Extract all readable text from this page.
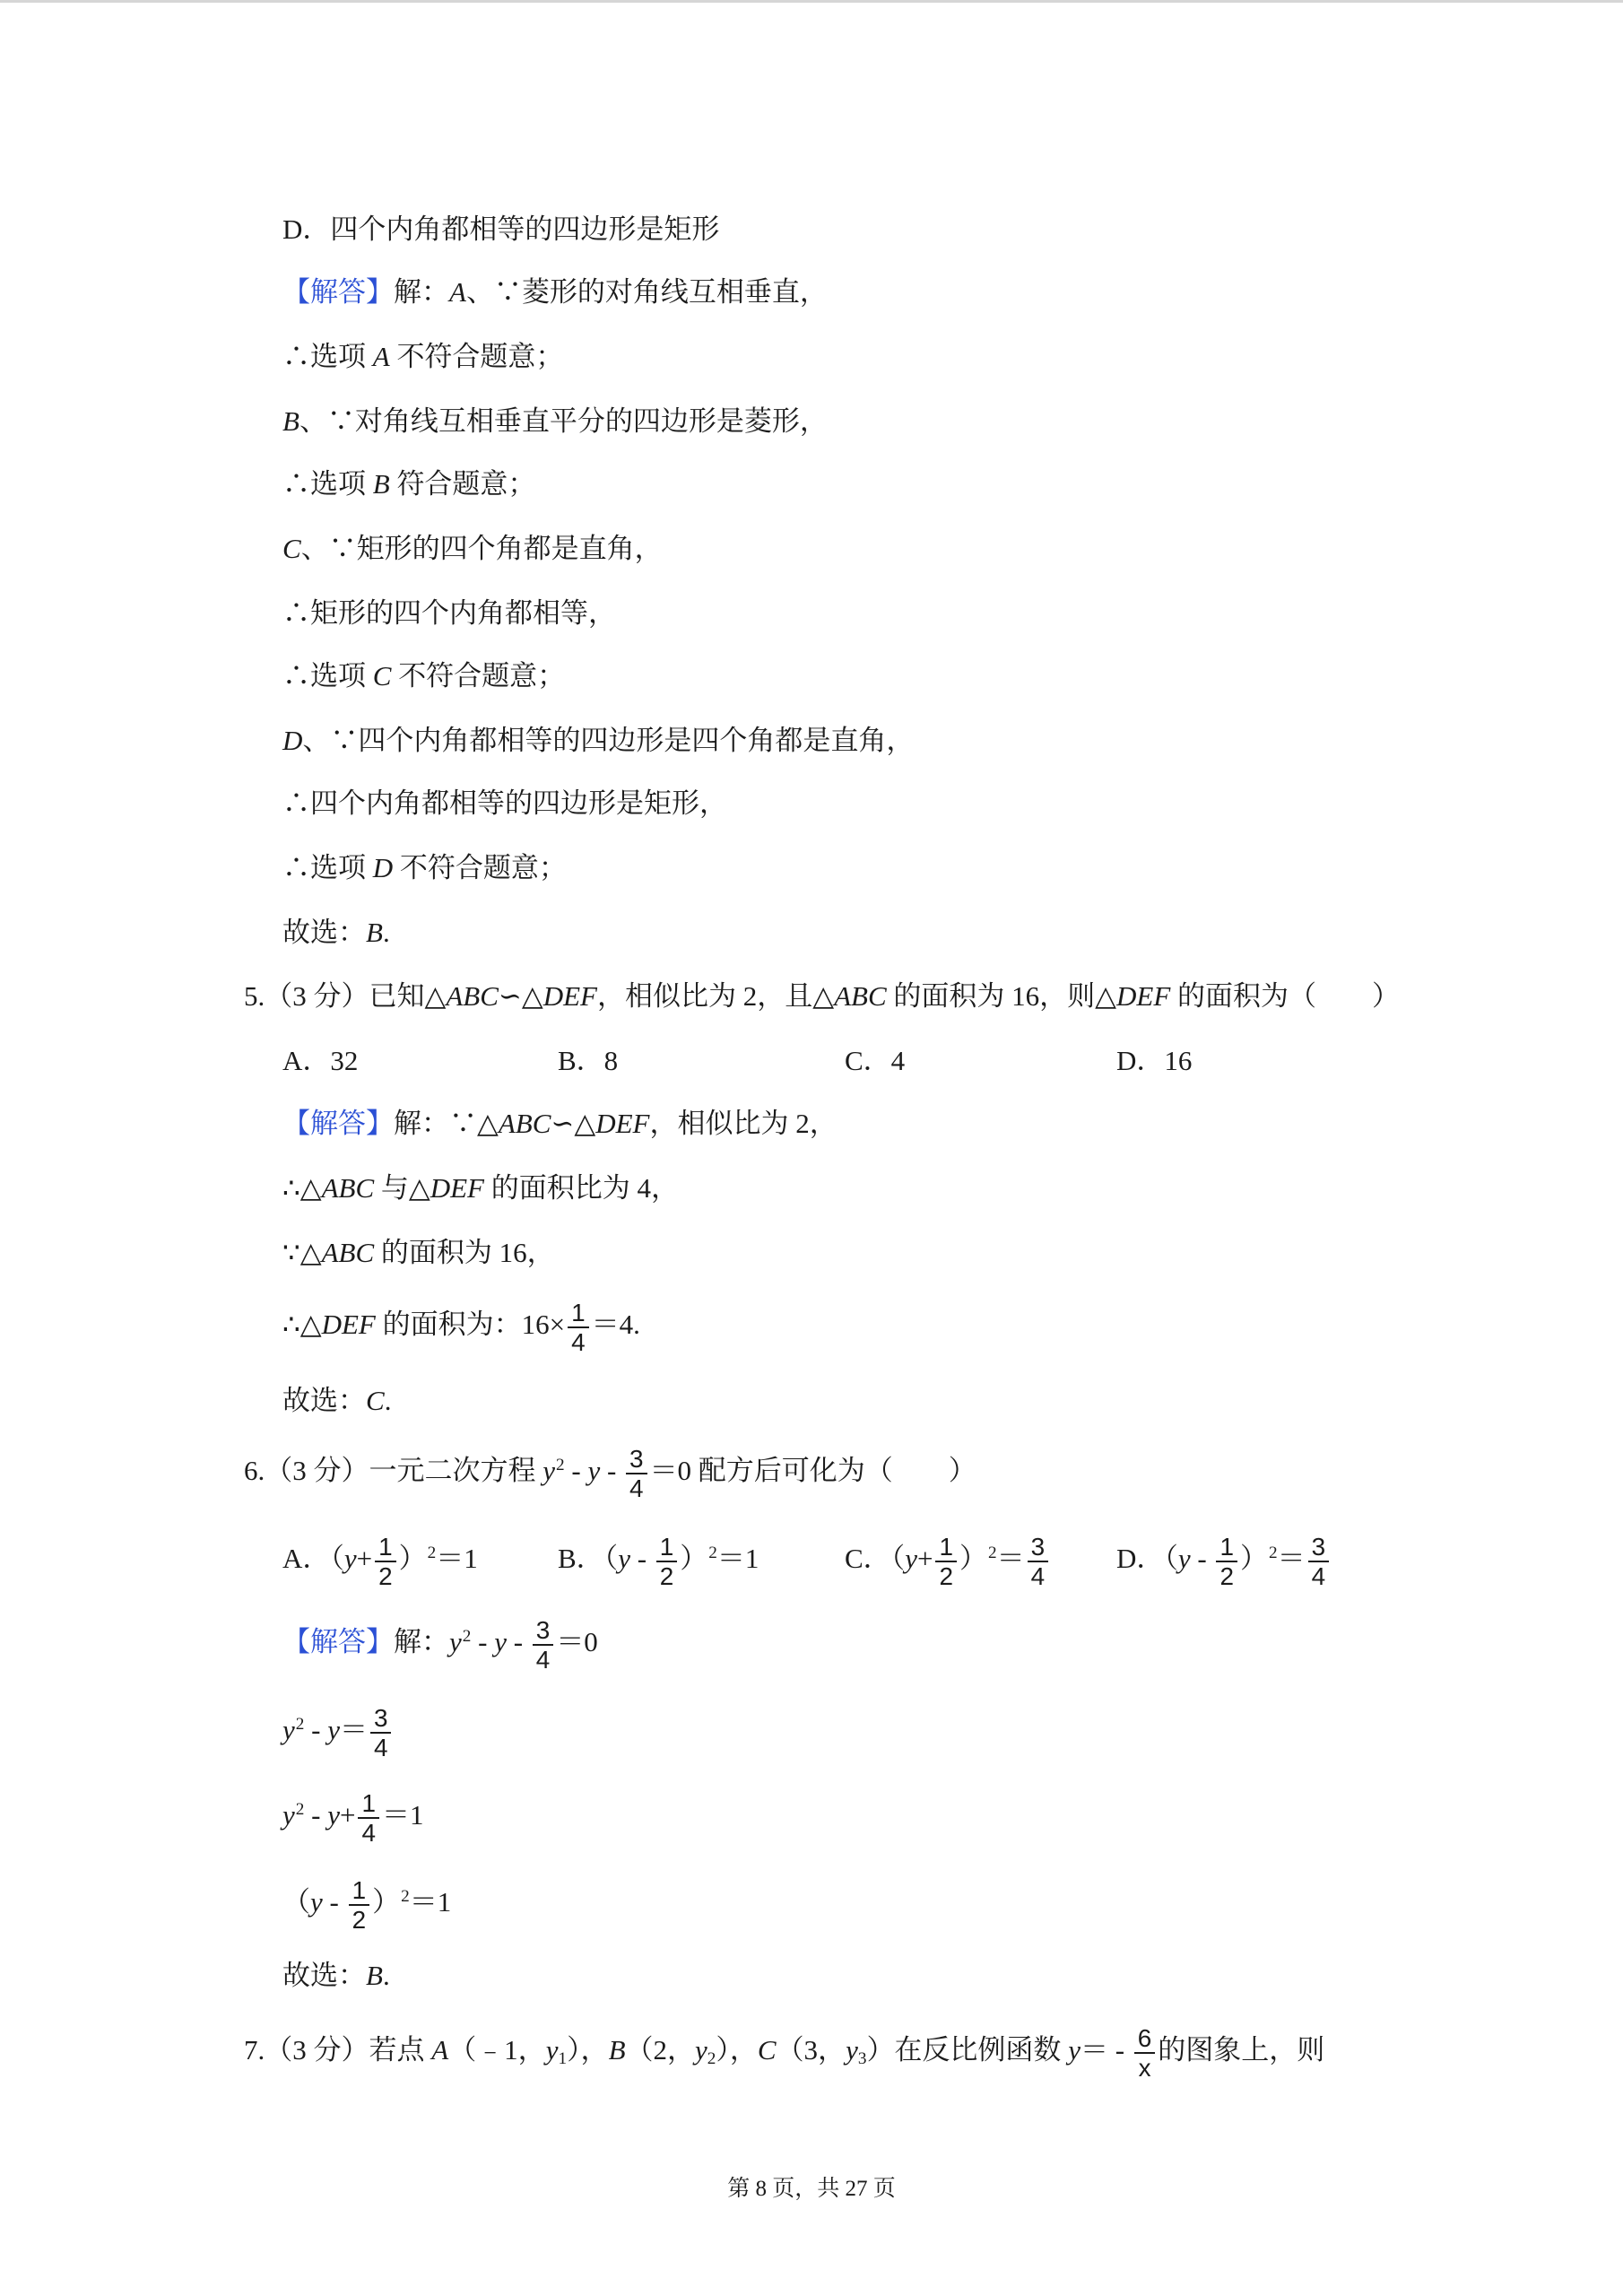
D．四个内角都相等的四边形是矩形
【解答】解：A、∵菱形的对角线互相垂直，
∴选项 A 不符合题意；
B、∵对角线互相垂直平分的四边形是菱形，
∴选项 B 符合题意；
C、∵矩形的四个角都是直角，
∴矩形的四个内角都相等，
∴选项 C 不符合题意；
D、∵四个内角都相等的四边形是四个角都是直角，
∴四个内角都相等的四边形是矩形，
∴选项 D 不符合题意；
故选：B.
5.（3 分）已知△ABC∽△DEF，相似比为 2，且△ABC 的面积为 16，则△DEF 的面积为（　　）
A．32	B．8	C．4	D．16
【解答】解：∵△ABC∽△DEF，相似比为 2，
∴△ABC 与△DEF 的面积比为 4，
∵△ABC 的面积为 16，
∴△DEF 的面积为：$16\times \frac{1}{4} =4$.
故选：C.
6.（3 分）一元二次方程 $y^2 - y - \frac{3}{4} =0$ 配方后可化为（　　）
A．$(y+ \frac{1}{2} )^2=1$	B．$(y - \frac{1}{2} )^2=1$	C．$(y+ \frac{1}{2} )^2= \frac{3}{4}$ D．$(y - \frac{1}{2} )^2= \frac{3}{4}$
【解答】解：$y^2 - y - \frac{3}{4} =0$
$y^2 - y= \frac{3}{4}$
$y^2 - y+ \frac{1}{4} =1$
$(y - \frac{1}{2} )^2=1$
故选：B.
7.（3 分）若点 A（﹣1，y1），B（2，y2），C（3，y3）在反比例函数 $y= - \frac{6}{x}$ 的图象上，则
第 8 页，共 27 页
